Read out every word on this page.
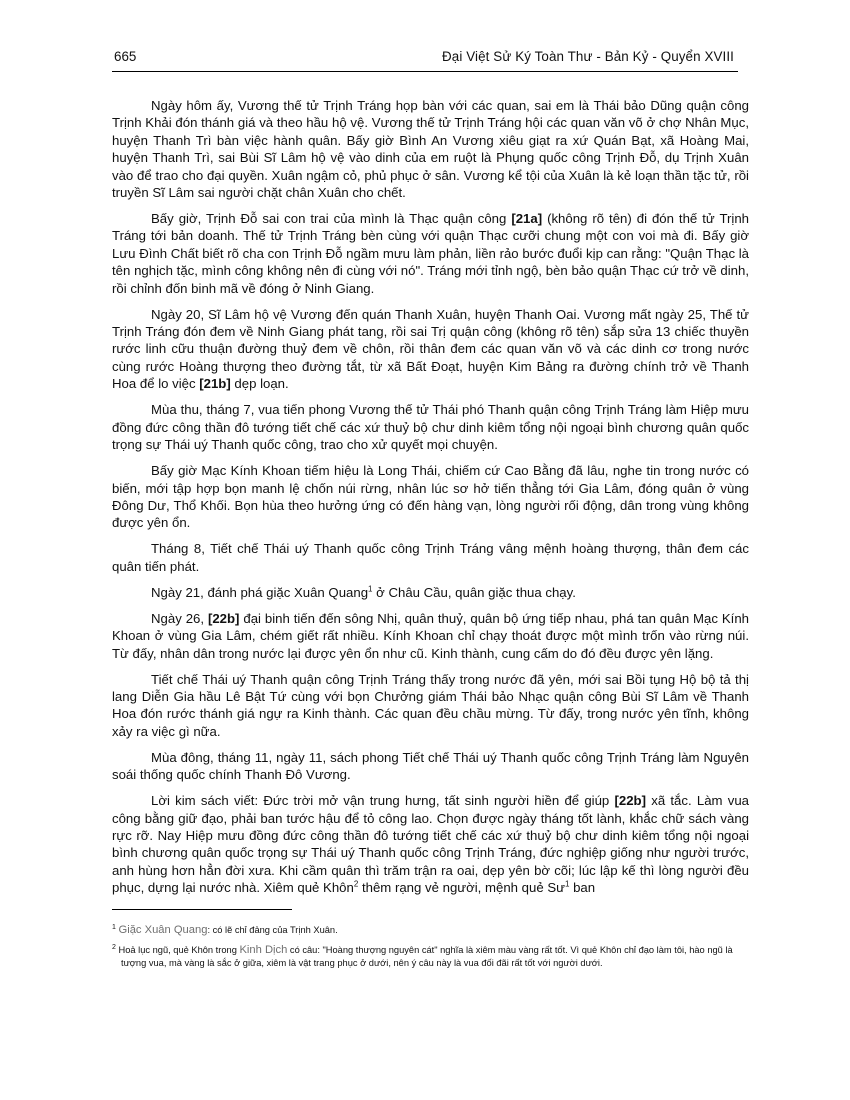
665	Đại Việt Sử Ký Toàn Thư - Bản Kỷ - Quyển XVIII

Ngày hôm ấy, Vương thế tử Trịnh Tráng họp bàn với các quan, sai em là Thái bảo Dũng quận công Trịnh Khải đón thánh giá và theo hầu hộ vệ. Vương thế tử Trịnh Tráng hội các quan văn võ ở chợ Nhân Mục, huyện Thanh Trì bàn việc hành quân. Bấy giờ Bình An Vương xiêu giạt ra xứ Quán Bạt, xã Hoàng Mai, huyện Thanh Trì, sai Bùi Sĩ Lâm hộ vệ vào dinh của em ruột là Phụng quốc công Trịnh Đỗ, dụ Trịnh Xuân vào để trao cho đại quyền. Xuân ngậm cỏ, phủ phục ở sân. Vương kể tội của Xuân là kẻ loạn thần tặc tử, rồi truyền Sĩ Lâm sai người chặt chân Xuân cho chết.

Bấy giờ, Trịnh Đỗ sai con trai của mình là Thạc quận công [21a] (không rõ tên) đi đón thế tử Trịnh Tráng tới bản doanh. Thế tử Trịnh Tráng bèn cùng với quận Thạc cưỡi chung một con voi mà đi. Bấy giờ Lưu Đình Chất biết rõ cha con Trịnh Đỗ ngầm mưu làm phản, liền rảo bước đuổi kịp can rằng: "Quận Thạc là tên nghịch tặc, mình công không nên đi cùng với nó". Tráng mới tỉnh ngộ, bèn bảo quận Thạc cứ trở về dinh, rồi chỉnh đốn binh mã về đóng ở Ninh Giang.

Ngày 20, Sĩ Lâm hộ vệ Vương đến quán Thanh Xuân, huyện Thanh Oai. Vương mất ngày 25, Thế tử Trịnh Tráng đón đem về Ninh Giang phát tang, rồi sai Trị quận công (không rõ tên) sắp sửa 13 chiếc thuyền rước linh cữu thuận đường thuỷ đem về chôn, rồi thân đem các quan văn võ và các dinh cơ trong nước cùng rước Hoàng thượng theo đường tắt, từ xã Bất Đoạt, huyện Kim Bảng ra đường chính trở về Thanh Hoa để lo việc [21b] dẹp loạn.

Mùa thu, tháng 7, vua tiến phong Vương thế tử Thái phó Thanh quận công Trịnh Tráng làm Hiệp mưu đồng đức công thần đô tướng tiết chế các xứ thuỷ bộ chư dinh kiêm tổng nội ngoại bình chương quân quốc trọng sự Thái uý Thanh quốc công, trao cho xử quyết mọi chuyện.

Bấy giờ Mạc Kính Khoan tiếm hiệu là Long Thái, chiếm cứ Cao Bằng đã lâu, nghe tin trong nước có biến, mới tập hợp bọn manh lệ chốn núi rừng, nhân lúc sơ hở tiến thẳng tới Gia Lâm, đóng quân ở vùng Đông Dư, Thổ Khối. Bọn hùa theo hưởng ứng có đến hàng vạn, lòng người rối động, dân trong vùng không được yên ổn.

Tháng 8, Tiết chế Thái uý Thanh quốc công Trịnh Tráng vâng mệnh hoàng thượng, thân đem các quân tiến phát.

Ngày 21, đánh phá giặc Xuân Quang$^1$ ở Châu Cầu, quân giặc thua chạy.

Ngày 26, [22b] đại binh tiến đến sông Nhị, quân thuỷ, quân bộ ứng tiếp nhau, phá tan quân Mạc Kính Khoan ở vùng Gia Lâm, chém giết rất nhiều. Kính Khoan chỉ chạy thoát được một mình trốn vào rừng núi. Từ đấy, nhân dân trong nước lại được yên ổn như cũ. Kinh thành, cung cấm do đó đều được yên lặng.

Tiết chế Thái uý Thanh quận công Trịnh Tráng thấy trong nước đã yên, mới sai Bồi tụng Hộ bộ tả thị lang Diễn Gia hầu Lê Bật Tứ cùng với bọn Chưởng giám Thái bảo Nhạc quận công Bùi Sĩ Lâm về Thanh Hoa đón rước thánh giá ngự ra Kinh thành. Các quan đều chầu mừng. Từ đấy, trong nước yên tĩnh, không xảy ra việc gì nữa.

Mùa đông, tháng 11, ngày 11, sách phong Tiết chế Thái uý Thanh quốc công Trịnh Tráng làm Nguyên soái thống quốc chính Thanh Đô Vương.

Lời kim sách viết: Đức trời mở vận trung hưng, tất sinh người hiền để giúp [22b] xã tắc. Làm vua công bằng giữ đạo, phải ban tước hậu để tỏ công lao. Chọn được ngày tháng tốt lành, khắc chữ sách vàng rực rỡ. Nay Hiệp mưu đồng đức công thần đô tướng tiết chế các xứ thuỷ bộ chư dinh kiêm tổng nội ngoại bình chương quân quốc trọng sự Thái uý Thanh quốc công Trịnh Tráng, đức nghiệp giống như người trước, anh hùng hơn hẳn đời xưa. Khi cầm quân thì trăm trận ra oai, dẹp yên bờ cõi; lúc lập kế thì lòng người đều phục, dựng lại nước nhà. Xiêm quẻ Khôn$^2$ thêm rạng vẻ người, mệnh quẻ $Sư^1$ ban

$^1$ Giặc Xuân Quang: có lẽ chỉ đảng của Trịnh Xuân.
$^2$ Hoả lục ngũ, quẻ Khôn trong Kinh Dịch có câu: "Hoàng thượng nguyên cát" nghĩa là xiêm màu vàng rất tốt. Vì quẻ Khôn chỉ đạo làm tôi, hào ngũ là tượng vua, mà vàng là sắc ở giữa, xiêm là vật trang phục ở dưới, nên ý câu này là vua đối đãi rất tốt với người dưới.
